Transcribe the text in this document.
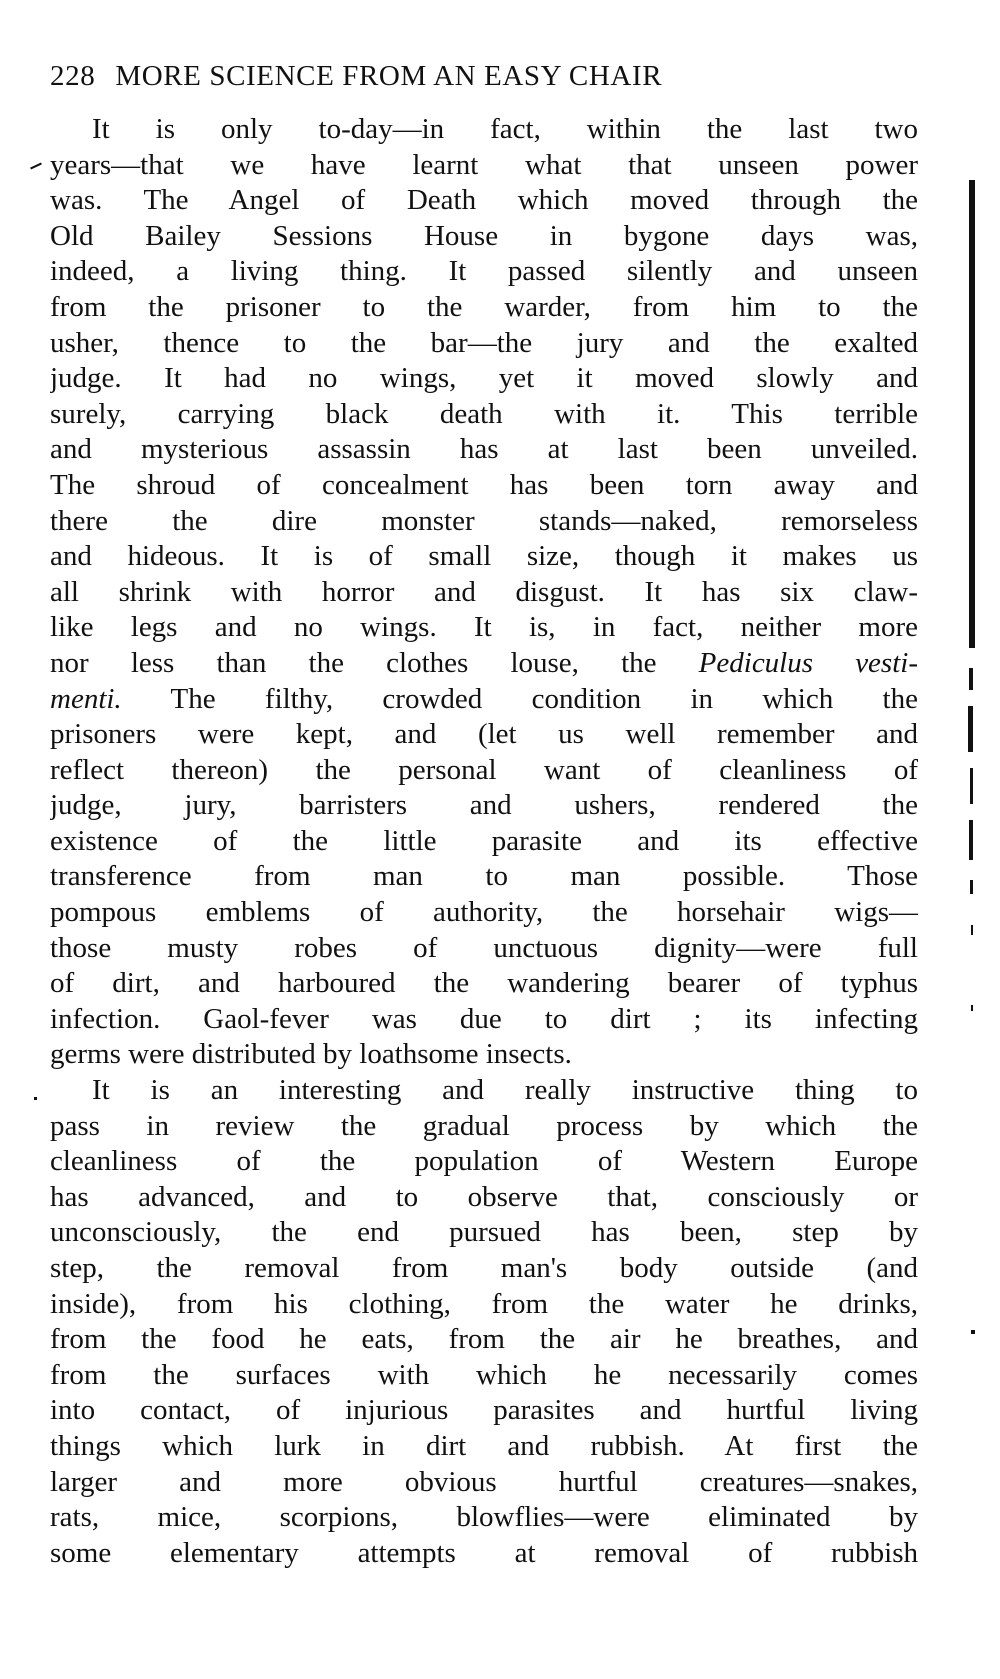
228 MORE SCIENCE FROM AN EASY CHAIR
It is only to-day—in fact, within the last two
years—that we have learnt what that unseen power
was. The Angel of Death which moved through the
Old Bailey Sessions House in bygone days was,
indeed, a living thing. It passed silently and unseen
from the prisoner to the warder, from him to the
usher, thence to the bar—the jury and the exalted
judge. It had no wings, yet it moved slowly and
surely, carrying black death with it. This terrible
and mysterious assassin has at last been unveiled.
The shroud of concealment has been torn away and
there the dire monster stands—naked, remorseless
and hideous. It is of small size, though it makes us
all shrink with horror and disgust. It has six claw-
like legs and no wings. It is, in fact, neither more
nor less than the clothes louse, the Pediculus vesti-
menti. The filthy, crowded condition in which the
prisoners were kept, and (let us well remember and
reflect thereon) the personal want of cleanliness of
judge, jury, barristers and ushers, rendered the
existence of the little parasite and its effective
transference from man to man possible. Those
pompous emblems of authority, the horsehair wigs—
those musty robes of unctuous dignity—were full
of dirt, and harboured the wandering bearer of typhus
infection. Gaol-fever was due to dirt ; its infecting
germs were distributed by loathsome insects.
It is an interesting and really instructive thing to
pass in review the gradual process by which the
cleanliness of the population of Western Europe
has advanced, and to observe that, consciously or
unconsciously, the end pursued has been, step by
step, the removal from man's body outside (and
inside), from his clothing, from the water he drinks,
from the food he eats, from the air he breathes, and
from the surfaces with which he necessarily comes
into contact, of injurious parasites and hurtful living
things which lurk in dirt and rubbish. At first the
larger and more obvious hurtful creatures—snakes,
rats, mice, scorpions, blowflies—were eliminated by
some elementary attempts at removal of rubbish
